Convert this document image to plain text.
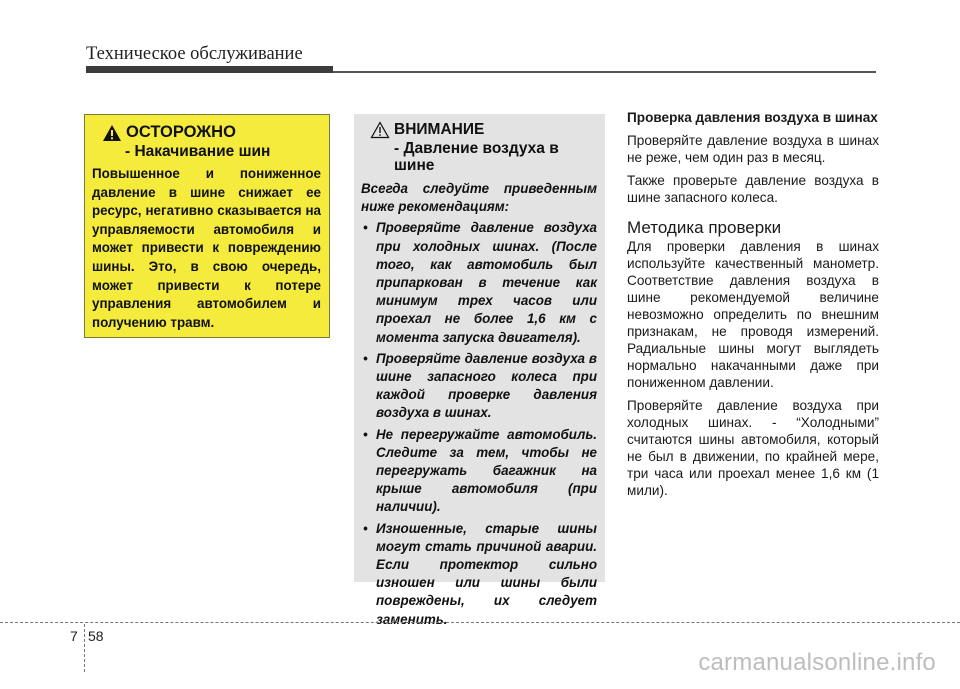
Техническое обслуживание
ОСТОРОЖНО
- Накачивание шин
Повышенное и пониженное давление в шине снижает ее ресурс, негативно сказывается на управляемости автомобиля и может привести к повреждению шины. Это, в свою очередь, может привести к потере управления автомобилем и получению травм.
ВНИМАНИЕ
- Давление воздуха в шине
Всегда следуйте приведенным ниже рекомендациям:
• Проверяйте давление воздуха при холодных шинах. (После того, как автомобиль был припаркован в течение как минимум трех часов или проехал не более 1,6 км с момента запуска двигателя).
• Проверяйте давление воздуха в шине запасного колеса при каждой проверке давления воздуха в шинах.
• Не перегружайте автомобиль. Следите за тем, чтобы не перегружать багажник на крыше автомобиля (при наличии).
• Изношенные, старые шины могут стать причиной аварии. Если протектор сильно изношен или шины были повреждены, их следует заменить.

Проверка давления воздуха в шинах

Проверяйте давление воздуха в шинах не реже, чем один раз в месяц.

Также проверьте давление воздуха в шине запасного колеса.

Методика проверки

Для проверки давления в шинах используйте качественный манометр. Соответствие давления воздуха в шине рекомендуемой величине невозможно определить по внешним признакам, не проводя измерений. Радиальные шины могут выглядеть нормально накачанными даже при пониженном давлении.

Проверяйте давление воздуха при холодных шинах. - “Холодными” считаются шины автомобиля, который не был в движении, по крайней мере, три часа или проехал менее 1,6 км (1 мили).

7 58
carmanualsonline.info
